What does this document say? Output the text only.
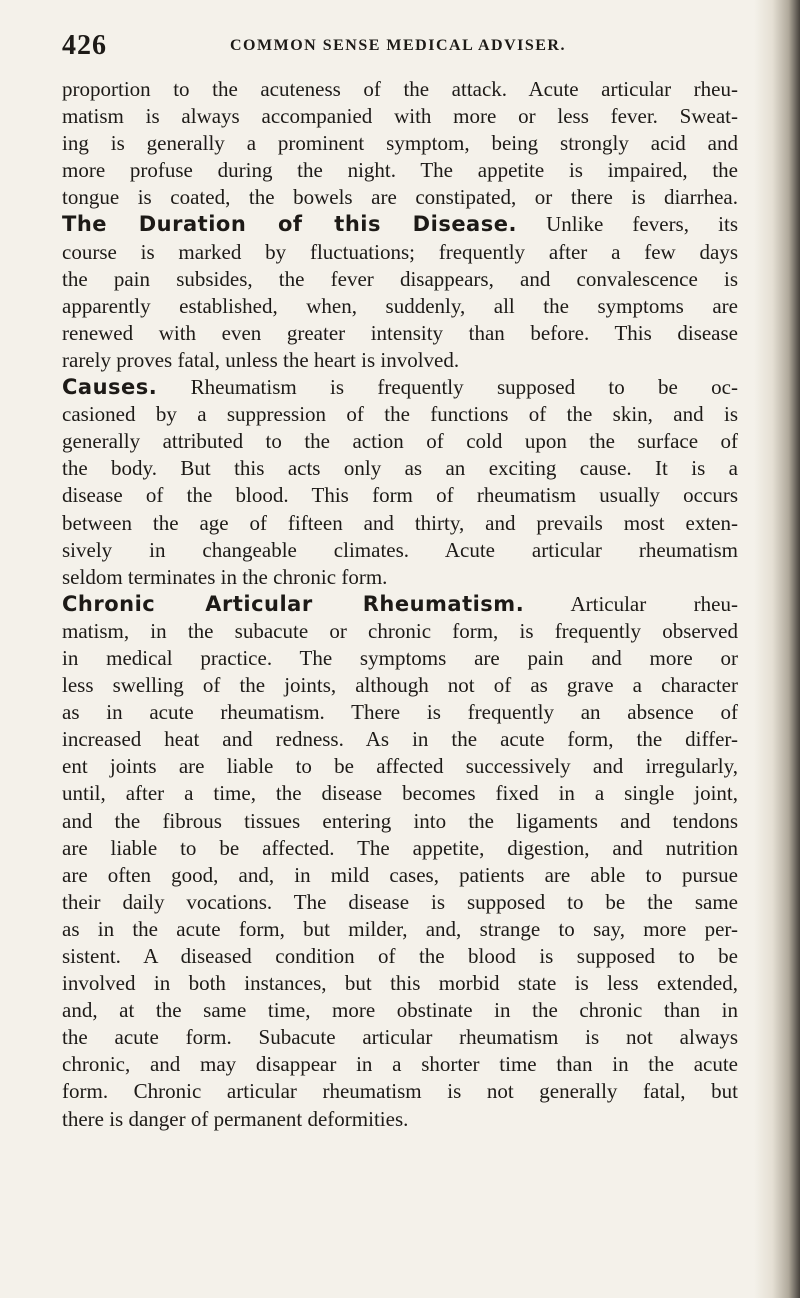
426	COMMON SENSE MEDICAL ADVISER.
proportion to the acuteness of the attack. Acute articular rheu-
matism is always accompanied with more or less fever. Sweat-
ing is generally a prominent symptom, being strongly acid and
more profuse during the night. The appetite is impaired, the
tongue is coated, the bowels are constipated, or there is diarrhea.
The Duration of this Disease. Unlike fevers, its
course is marked by fluctuations; frequently after a few days
the pain subsides, the fever disappears, and convalescence is
apparently established, when, suddenly, all the symptoms are
renewed with even greater intensity than before. This disease
rarely proves fatal, unless the heart is involved.
Causes. Rheumatism is frequently supposed to be oc-
casioned by a suppression of the functions of the skin, and is
generally attributed to the action of cold upon the surface of
the body. But this acts only as an exciting cause. It is a
disease of the blood. This form of rheumatism usually occurs
between the age of fifteen and thirty, and prevails most exten-
sively in changeable climates. Acute articular rheumatism
seldom terminates in the chronic form.
Chronic Articular Rheumatism. Articular rheu-
matism, in the subacute or chronic form, is frequently observed
in medical practice. The symptoms are pain and more or
less swelling of the joints, although not of as grave a character
as in acute rheumatism. There is frequently an absence of
increased heat and redness. As in the acute form, the differ-
ent joints are liable to be affected successively and irregularly,
until, after a time, the disease becomes fixed in a single joint,
and the fibrous tissues entering into the ligaments and tendons
are liable to be affected. The appetite, digestion, and nutrition
are often good, and, in mild cases, patients are able to pursue
their daily vocations. The disease is supposed to be the same
as in the acute form, but milder, and, strange to say, more per-
sistent. A diseased condition of the blood is supposed to be
involved in both instances, but this morbid state is less extended,
and, at the same time, more obstinate in the chronic than in
the acute form. Subacute articular rheumatism is not always
chronic, and may disappear in a shorter time than in the acute
form. Chronic articular rheumatism is not generally fatal, but
there is danger of permanent deformities.
